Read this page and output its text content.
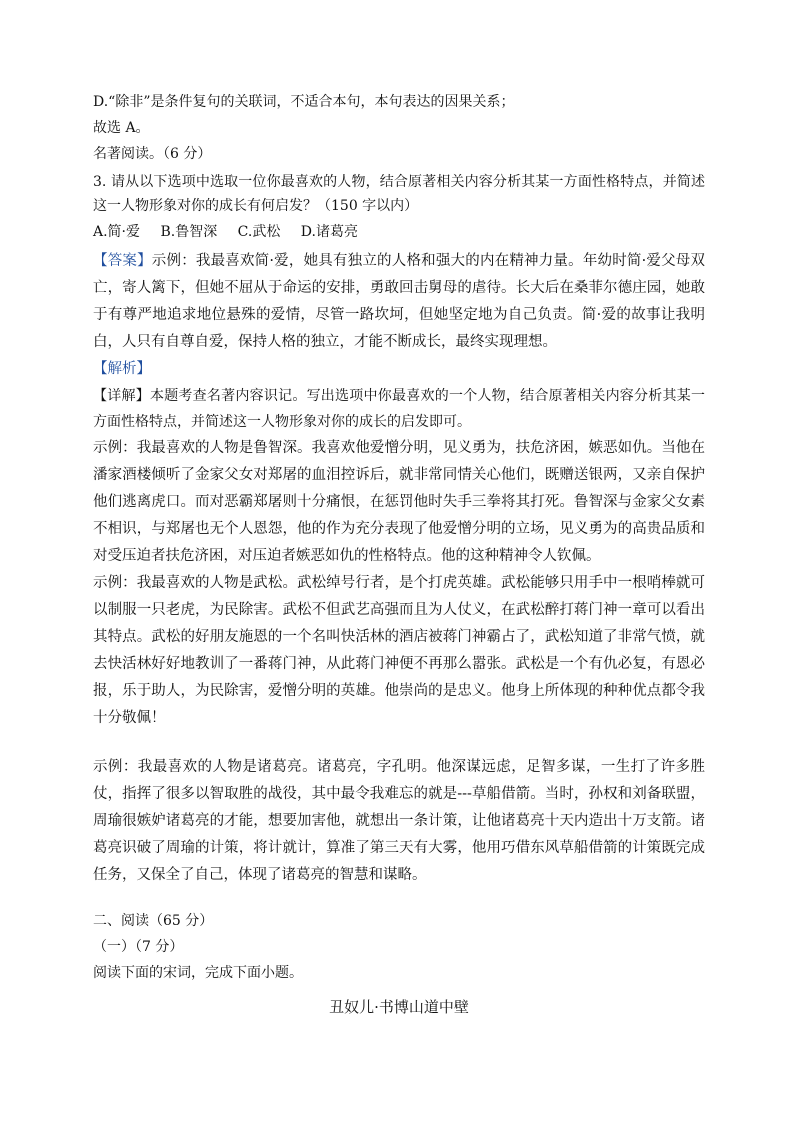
D.“除非”是条件复句的关联词，不适合本句，本句表达的因果关系；

故选 A。

名著阅读。（6 分）

3. 请从以下选项中选取一位你最喜欢的人物，结合原著相关内容分析其某一方面性格特点，并简述这一人物形象对你的成长有何启发？（150 字以内）

A.简·爱 B.鲁智深 C.武松 D.诸葛亮

【答案】示例：我最喜欢简·爱，她具有独立的人格和强大的内在精神力量。年幼时简·爱父母双亡，寄人篱下，但她不屈从于命运的安排，勇敢回击舅母的虐待。长大后在桑菲尔德庄园，她敢于有尊严地追求地位悬殊的爱情，尽管一路坎坷，但她坚定地为自己负责。简·爱的故事让我明白，人只有自尊自爱，保持人格的独立，才能不断成长，最终实现理想。

【解析】

【详解】本题考查名著内容识记。写出选项中你最喜欢的一个人物，结合原著相关内容分析其某一方面性格特点，并简述这一人物形象对你的成长的启发即可。

示例：我最喜欢的人物是鲁智深。我喜欢他爱憎分明，见义勇为，扶危济困，嫉恶如仇。当他在潘家酒楼倾听了金家父女对郑屠的血泪控诉后，就非常同情关心他们，既赠送银两，又亲自保护他们逃离虎口。而对恶霸郑屠则十分痛恨，在惩罚他时失手三拳将其打死。鲁智深与金家父女素不相识，与郑屠也无个人恩怨，他的作为充分表现了他爱憎分明的立场，见义勇为的高贵品质和对受压迫者扶危济困，对压迫者嫉恶如仇的性格特点。他的这种精神令人钦佩。

示例：我最喜欢的人物是武松。武松绰号行者，是个打虎英雄。武松能够只用手中一根哨棒就可以制服一只老虎，为民除害。武松不但武艺高强而且为人仗义，在武松醉打蒋门神一章可以看出其特点。武松的好朋友施恩的一个名叫快活林的酒店被蒋门神霸占了，武松知道了非常气愤，就去快活林好好地教训了一番蒋门神，从此蒋门神便不再那么嚣张。武松是一个有仇必复，有恩必报，乐于助人，为民除害，爱憎分明的英雄。他崇尚的是忠义。他身上所体现的种种优点都令我十分敬佩！

示例：我最喜欢的人物是诸葛亮。诸葛亮，字孔明。他深谋远虑，足智多谋，一生打了许多胜仗，指挥了很多以智取胜的战役，其中最令我难忘的就是---草船借箭。当时，孙权和刘备联盟，周瑜很嫉妒诸葛亮的才能，想要加害他，就想出一条计策，让他诸葛亮十天内造出十万支箭。诸葛亮识破了周瑜的计策，将计就计，算准了第三天有大雾，他用巧借东风草船借箭的计策既完成任务，又保全了自己，体现了诸葛亮的智慧和谋略。

二、阅读（65 分）

（一）（7 分）

阅读下面的宋词，完成下面小题。

丑奴儿·书博山道中壁
